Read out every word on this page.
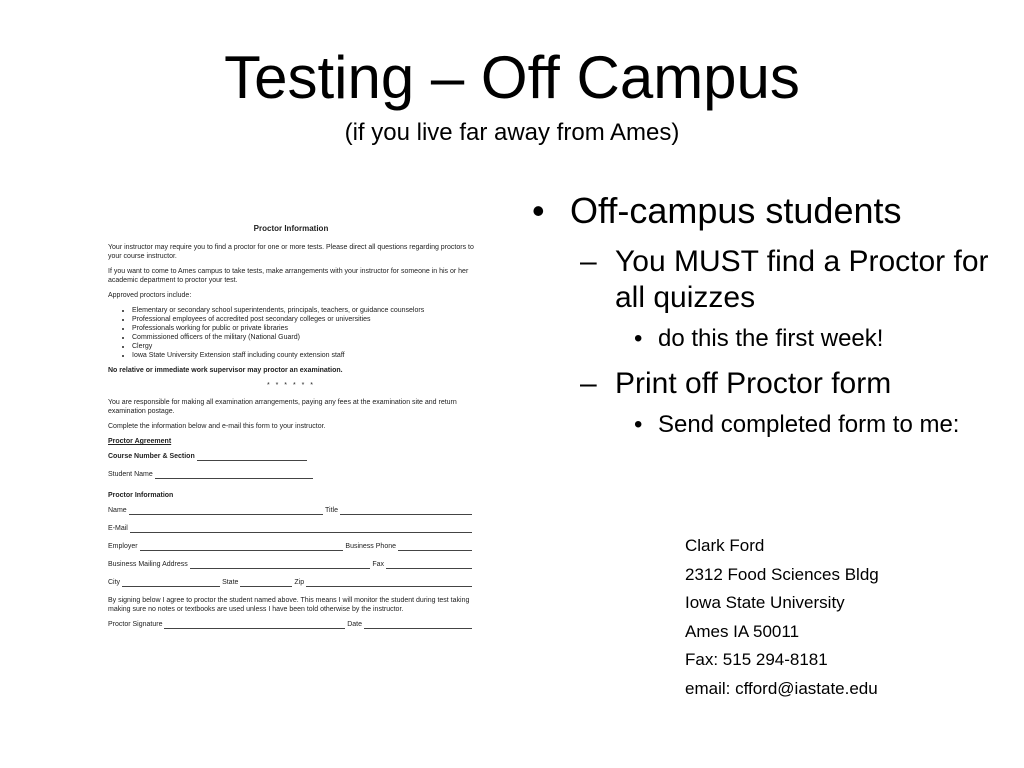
Testing – Off Campus
(if you live far away from Ames)
Proctor Information

Your instructor may require you to find a proctor for one or more tests. Please direct all questions regarding proctors to your course instructor.

If you want to come to Ames campus to take tests, make arrangements with your instructor for someone in his or her academic department to proctor your test.

Approved proctors include:

• Elementary or secondary school superintendents, principals, teachers, or guidance counselors
• Professional employees of accredited post secondary colleges or universities
• Professionals working for public or private libraries
• Commissioned officers of the military (National Guard)
• Clergy
• Iowa State University Extension staff including county extension staff

No relative or immediate work supervisor may proctor an examination.

* * * * * *

You are responsible for making all examination arrangements, paying any fees at the examination site and return examination postage.

Complete the information below and e-mail this form to your instructor.

Proctor Agreement

Course Number & Section
Student Name

Proctor Information

Name	Title
E-Mail
Employer	Business Phone
Business Mailing Address	Fax
City	State	Zip

By signing below I agree to proctor the student named above. This means I will monitor the student during test taking making sure no notes or textbooks are used unless I have been told otherwise by the instructor.

Proctor Signature	Date
• Off-campus students
– You MUST find a Proctor for all quizzes
• do this the first week!
– Print off Proctor form
• Send completed form to me:
Clark Ford
2312 Food Sciences Bldg
Iowa State University
Ames IA 50011
Fax: 515 294-8181
email: cfford@iastate.edu
